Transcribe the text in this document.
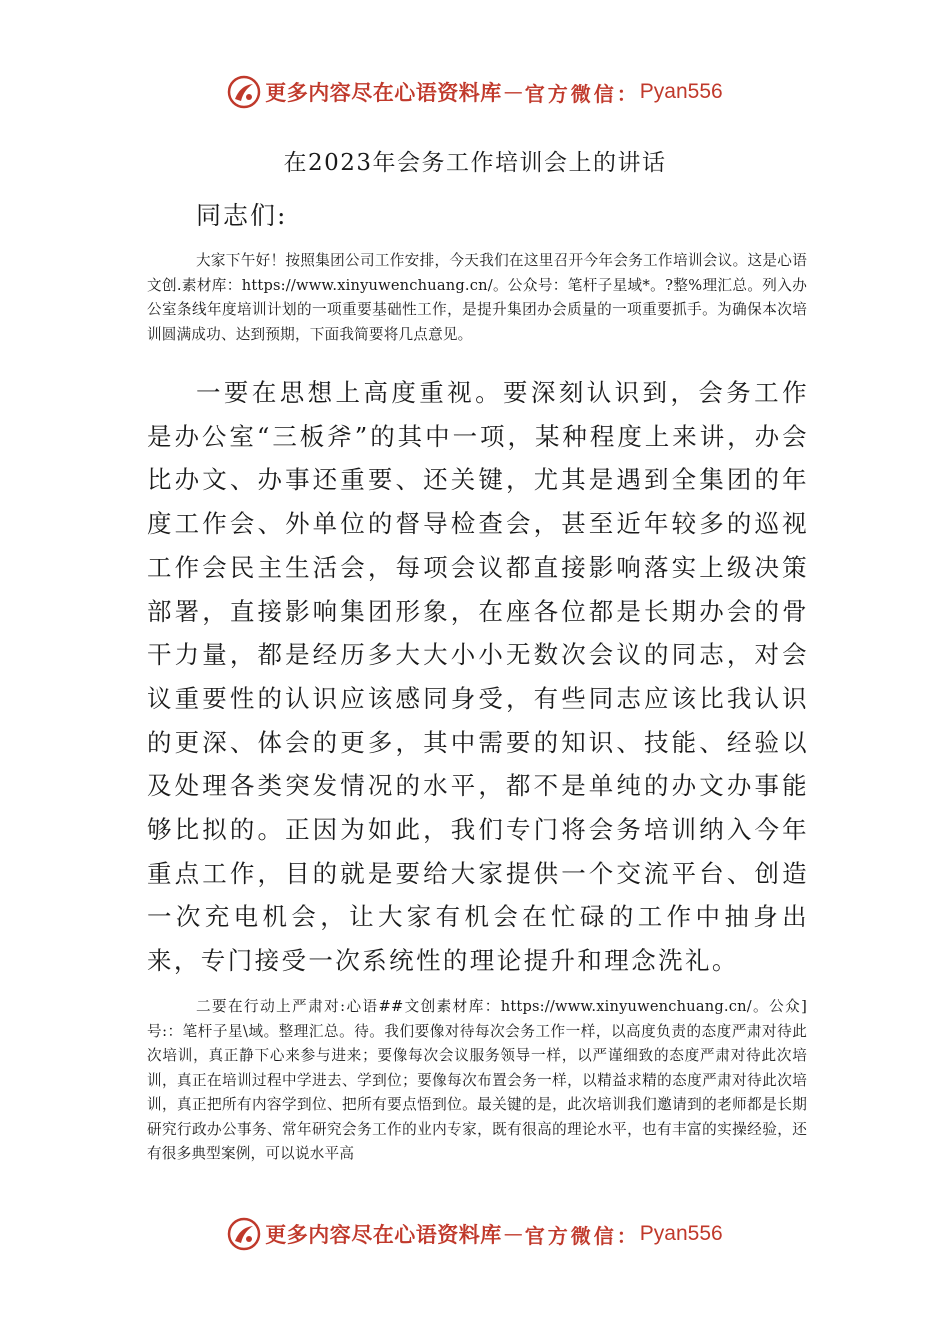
更多内容尽在心语资料库 — 官方微信： Pyan556
在2023年会务工作培训会上的讲话
同志们:

大家下午好！按照集团公司工作安排，今天我们在这里召开今年会务工作培训会议。这是心语文创.素材库：https://www.xinyuwenchuang.cn/。公众号：笔杆子星域*。?整%理汇总。列入办公室条线年度培训计划的一项重要基础性工作，是提升集团办会质量的一项重要抓手。为确保本次培训圆满成功、达到预期，下面我简要将几点意见。

一要在思想上高度重视。要深刻认识到，会务工作是办公室“三板斧”的其中一项，某种程度上来讲，办会比办文、办事还重要、还关键，尤其是遇到全集团的年度工作会、外单位的督导检查会，甚至近年较多的巡视工作会民主生活会，每项会议都直接影响落实上级决策部署，直接影响集团形象，在座各位都是长期办会的骨干力量，都是经历多大大小小无数次会议的同志，对会议重要性的认识应该感同身受，有些同志应该比我认识的更深、体会的更多，其中需要的知识、技能、经验以及处理各类突发情况的水平，都不是单纯的办文办事能够比拟的。正因为如此，我们专门将会务培训纳入今年重点工作，目的就是要给大家提供一个交流平台、创造一次充电机会，让大家有机会在忙碌的工作中抽身出来，专门接受一次系统性的理论提升和理念洗礼。

二要在行动上严肃对:心语##文创素材库：https://www.xinyuwenchuang.cn/。公众]号:：笔杆子星\域。整理汇总。待。我们要像对待每次会务工作一样，以高度负责的态度严肃对待此次培训，真正静下心来参与进来；要像每次会议服务领导一样，以严谨细致的态度严肃对待此次培训，真正在培训过程中学进去、学到位；要像每次布置会务一样，以精益求精的态度严肃对待此次培训，真正把所有内容学到位、把所有要点悟到位。最关键的是，此次培训我们邀请到的老师都是长期研究行政办公事务、常年研究会务工作的业内专家，既有很高的理论水平，也有丰富的实操经验，还有很多典型案例，可以说水平高

更多内容尽在心语资料库 — 官方微信： Pyan556
